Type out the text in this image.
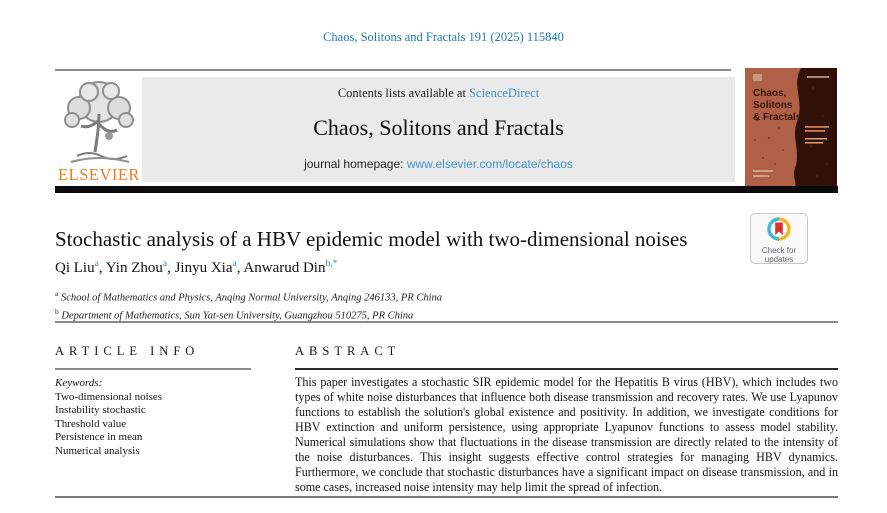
Chaos, Solitons and Fractals 191 (2025) 115840
ELSEVIER
Contents lists available at ScienceDirect
Chaos, Solitons and Fractals
journal homepage: www.elsevier.com/locate/chaos
Chaos,
Solitons
& Fractals
Stochastic analysis of a HBV epidemic model with two-dimensional noises
Qi Liu$^a$, Yin Zhou$^a$, Jinyu Xia$^a$, Anwarud Din$^{b,*}$
$^a$ School of Mathematics and Physics, Anqing Normal University, Anqing 246133, PR China
$^b$ Department of Mathematics, Sun Yat-sen University, Guangzhou 510275, PR China
Check for
updates
ARTICLE INFO
Keywords:
Two-dimensional noises
Instability stochastic
Threshold value
Persistence in mean
Numerical analysis
ABSTRACT
This paper investigates a stochastic SIR epidemic model for the Hepatitis B virus (HBV), which includes two types of white noise disturbances that influence both disease transmission and recovery rates. We use Lyapunov functions to establish the solution's global existence and positivity. In addition, we investigate conditions for HBV extinction and uniform persistence, using appropriate Lyapunov functions to assess model stability. Numerical simulations show that fluctuations in the disease transmission are directly related to the intensity of the noise disturbances. This insight suggests effective control strategies for managing HBV dynamics. Furthermore, we conclude that stochastic disturbances have a significant impact on disease transmission, and in some cases, increased noise intensity may help limit the spread of infection.
